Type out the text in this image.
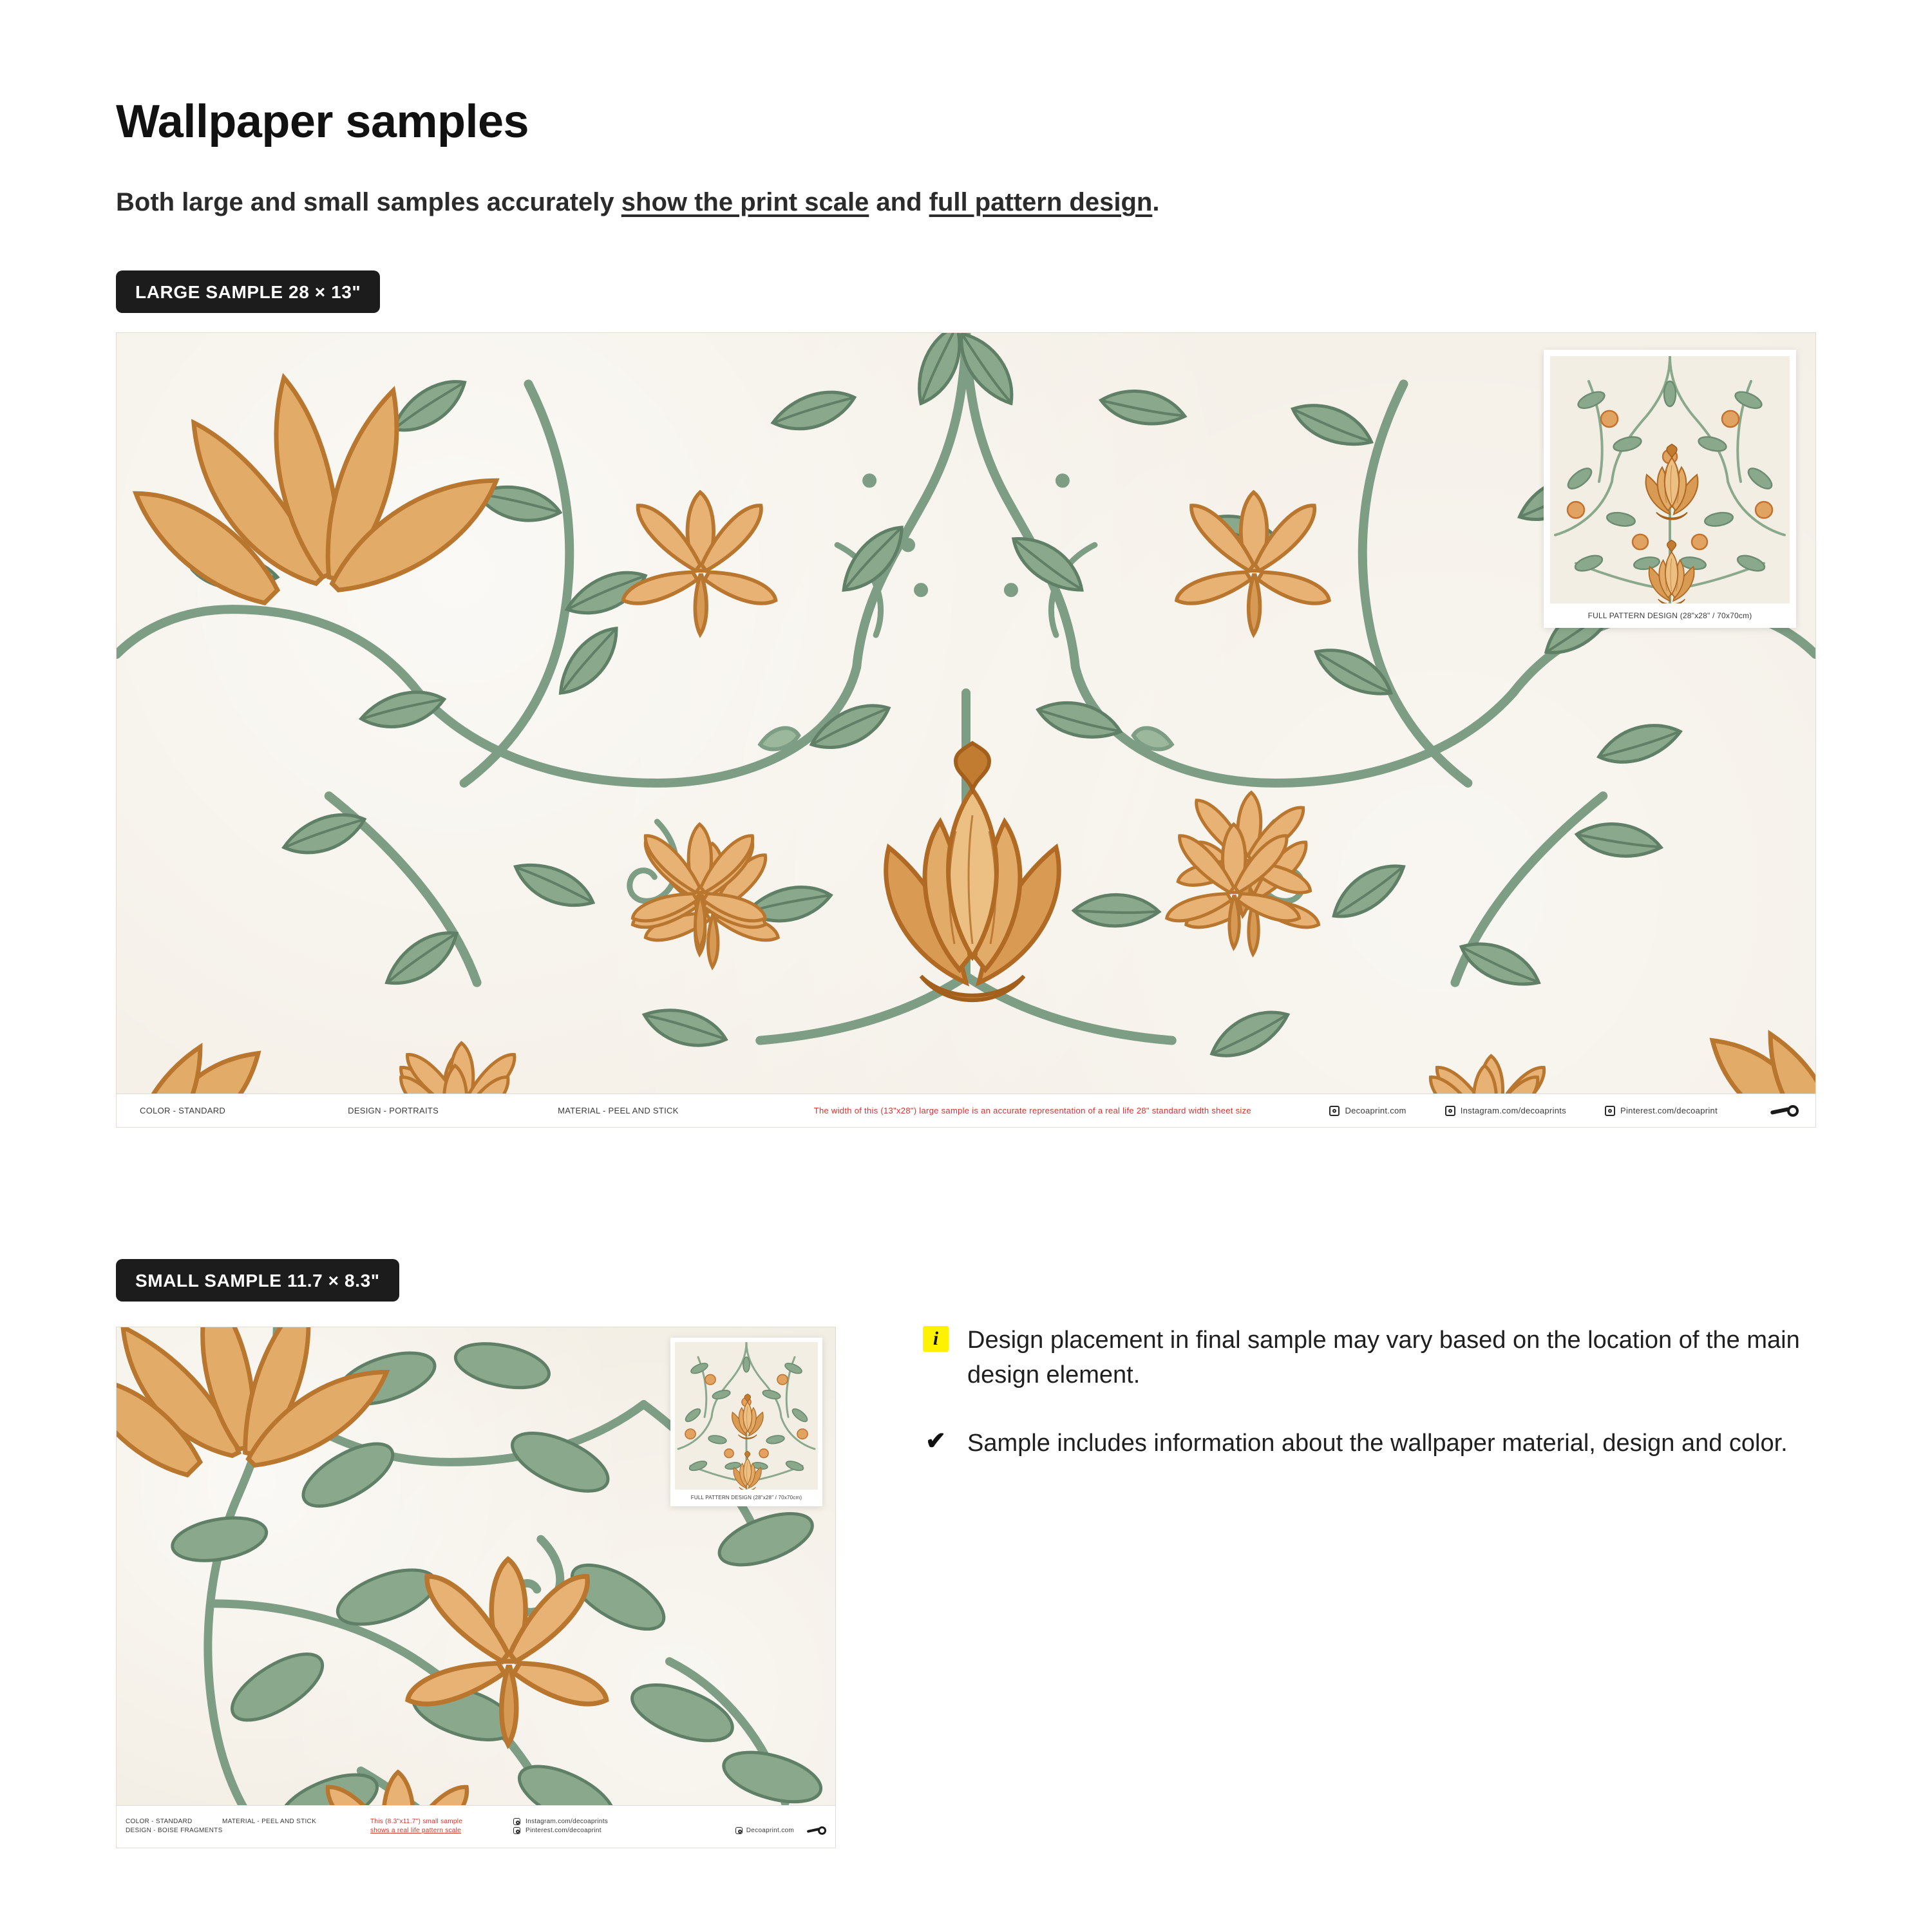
Wallpaper samples

Both large and small samples accurately show the print scale and full pattern design.

LARGE SAMPLE 28 × 13"
FULL PATTERN DESIGN (28"x28" / 70x70cm)
COLOR - STANDARD	DESIGN - PORTRAITS	MATERIAL - PEEL AND STICK	The width of this (13"x28") large sample is an accurate representation of a real life 28" standard width sheet size	Decoaprint.com	Instagram.com/decoaprints	Pinterest.com/decoaprint
SMALL SAMPLE 11.7 × 8.3"
FULL PATTERN DESIGN (28"x28" / 70x70cm)
COLOR - STANDARD	MATERIAL - PEEL AND STICK	This (8.3"x11.7") small sample	Instagram.com/decoaprints
DESIGN - BOISE FRAGMENTS	shows a real life pattern scale	Pinterest.com/decoaprint	Decoaprint.com
i	Design placement in final sample may vary based on the location of the main design element.
✔ Sample includes information about the wallpaper material, design and color.
